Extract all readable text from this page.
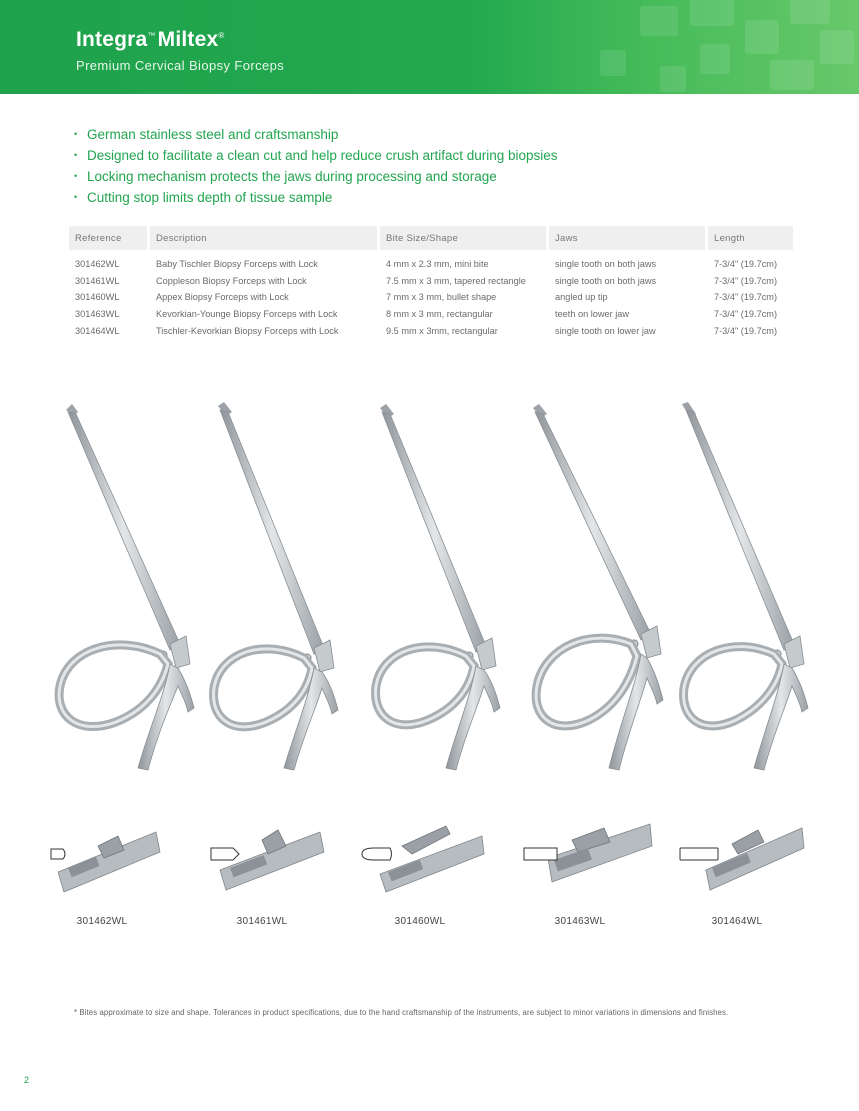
Integra™Miltex®
Premium Cervical Biopsy Forceps
• German stainless steel and craftsmanship
• Designed to facilitate a clean cut and help reduce crush artifact during biopsies
• Locking mechanism protects the jaws during processing and storage
• Cutting stop limits depth of tissue sample
Reference	Description	Bite Size/Shape	Jaws	Length

301462WL	Baby Tischler Biopsy Forceps with Lock	4 mm x 2.3 mm, mini bite	single tooth on both jaws	7-3/4" (19.7cm)
301461WL	Coppleson Biopsy Forceps with Lock	7.5 mm x 3 mm, tapered rectangle	single tooth on both jaws	7-3/4" (19.7cm)
301460WL	Appex Biopsy Forceps with Lock	7 mm x 3 mm, bullet shape	angled up tip	7-3/4" (19.7cm)
301463WL	Kevorkian-Younge Biopsy Forceps with Lock	8 mm x 3 mm, rectangular	teeth on lower jaw	7-3/4" (19.7cm)
301464WL	Tischler-Kevorkian Biopsy Forceps with Lock	9.5 mm x 3mm, rectangular	single tooth on lower jaw	7-3/4" (19.7cm)
301462WL	301461WL	301460WL	301463WL	301464WL
* Bites approximate to size and shape. Tolerances in product specifications, due to the hand craftsmanship of the instruments, are subject to minor variations in dimensions and finishes.
2
